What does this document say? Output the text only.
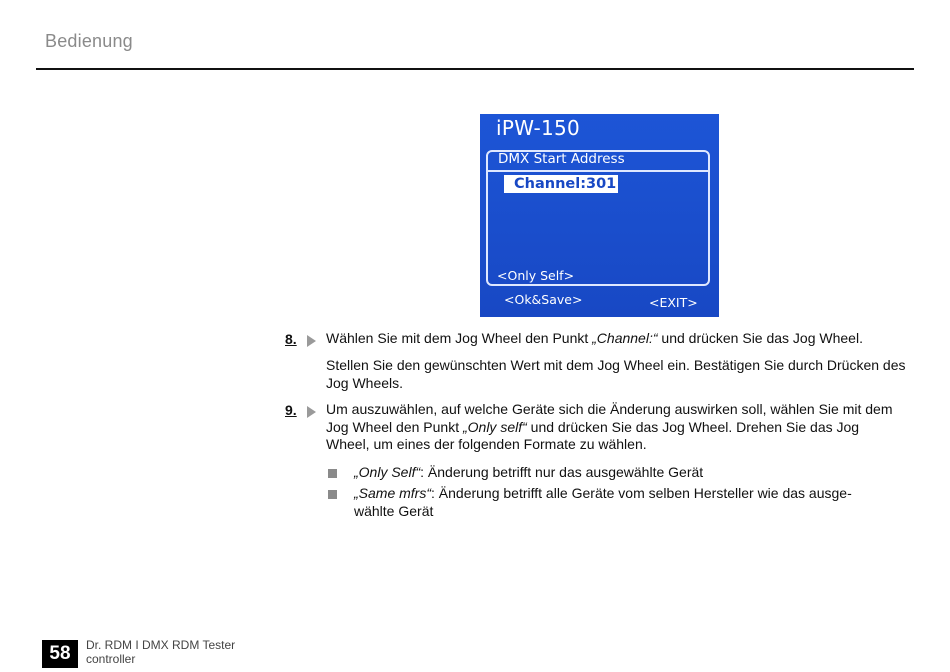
Bedienung
iPW-150
DMX Start Address
Channel:301
<Only Self>
<Ok&Save>	<EXIT>
8. Wählen Sie mit dem Jog Wheel den Punkt „Channel:“ und drücken Sie das Jog Wheel.
Stellen Sie den gewünschten Wert mit dem Jog Wheel ein. Bestätigen Sie durch Drücken des Jog Wheels.
9. Um auszuwählen, auf welche Geräte sich die Änderung auswirken soll, wählen Sie mit dem Jog Wheel den Punkt „Only self“ und drücken Sie das Jog Wheel. Drehen Sie das Jog Wheel, um eines der folgenden Formate zu wählen.
„Only Self“: Änderung betrifft nur das ausgewählte Gerät
„Same mfrs“: Änderung betrifft alle Geräte vom selben Hersteller wie das ausge-wählte Gerät
58	Dr. RDM I DMX RDM Tester
controller
